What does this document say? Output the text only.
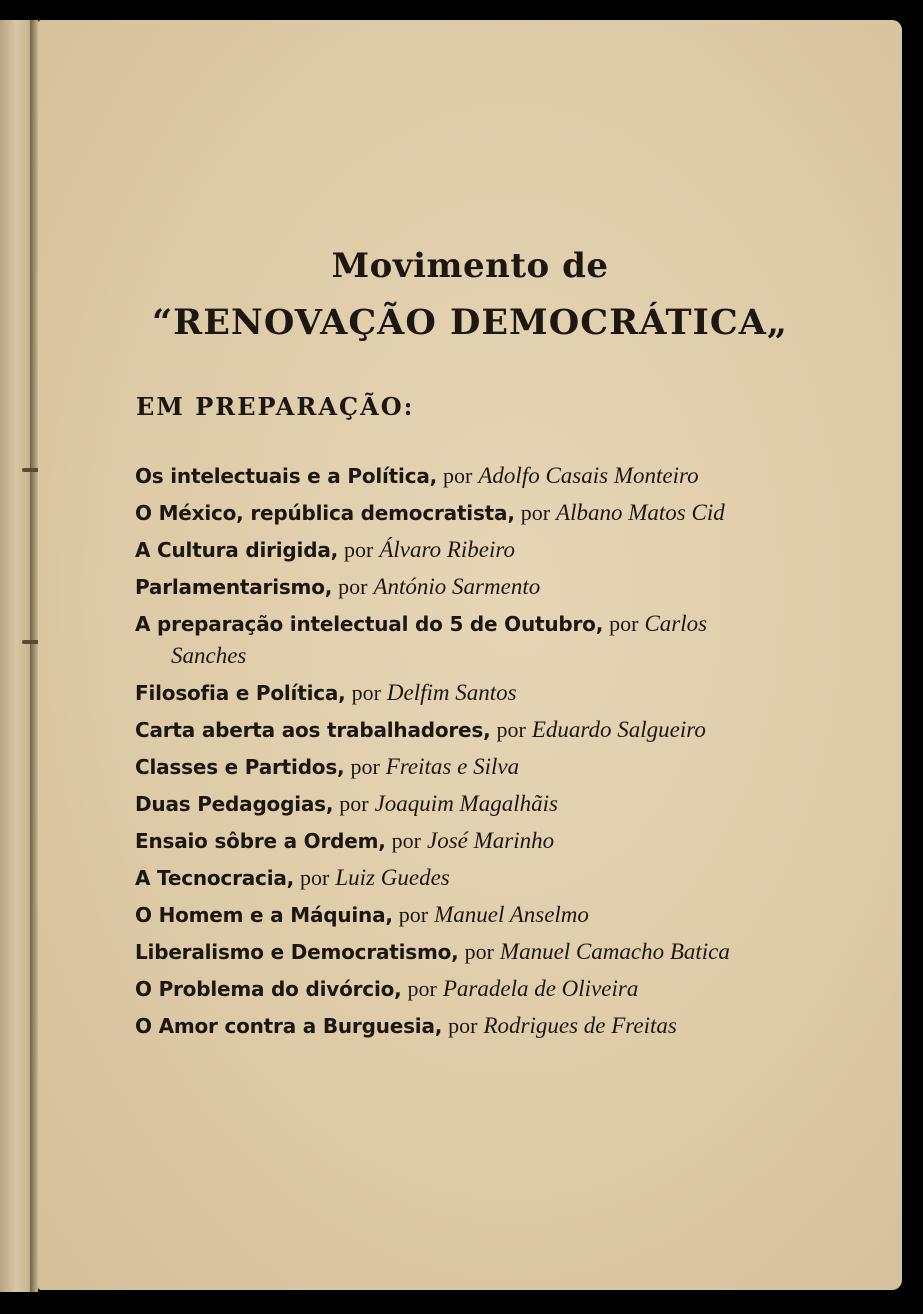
Movimento de
“RENOVAÇÃO DEMOCRÁTICA„
EM PREPARAÇÃO:
Os intelectuais e a Política, por Adolfo Casais Monteiro
O México, república democratista, por Albano Matos Cid
A Cultura dirigida, por Álvaro Ribeiro
Parlamentarismo, por António Sarmento
A preparação intelectual do 5 de Outubro, por Carlos Sanches
Filosofia e Política, por Delfim Santos
Carta aberta aos trabalhadores, por Eduardo Salgueiro
Classes e Partidos, por Freitas e Silva
Duas Pedagogias, por Joaquim Magalhãis
Ensaio sôbre a Ordem, por José Marinho
A Tecnocracia, por Luiz Guedes
O Homem e a Máquina, por Manuel Anselmo
Liberalismo e Democratismo, por Manuel Camacho Batica
O Problema do divórcio, por Paradela de Oliveira
O Amor contra a Burguesia, por Rodrigues de Freitas
